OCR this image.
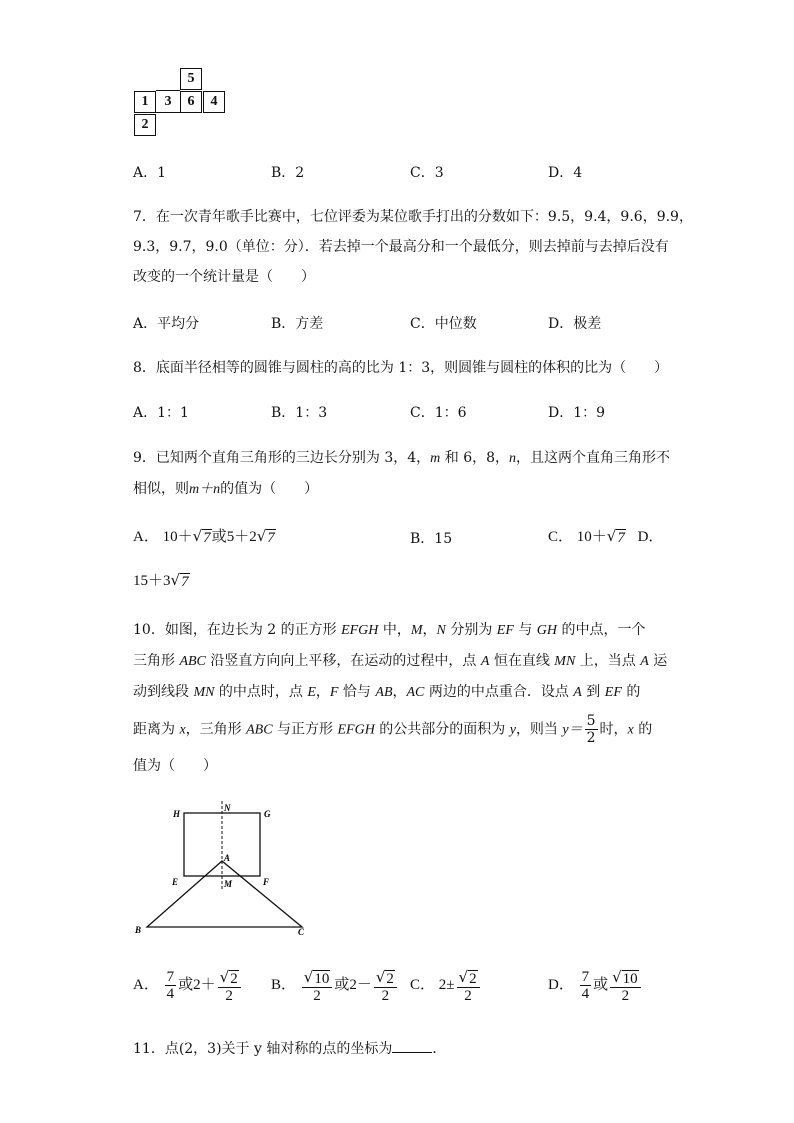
5
1	3	6	4
2
A．1	B．2	C．3	D．4
7．在一次青年歌手比赛中，七位评委为某位歌手打出的分数如下：9.5，9.4，9.6，9.9，
9.3，9.7，9.0（单位：分）．若去掉一个最高分和一个最低分，则去掉前与去掉后没有
改变的一个统计量是（　　）
A．平均分	B．方差	C．中位数	D．极差
8．底面半径相等的圆锥与圆柱的高的比为 1：3，则圆锥与圆柱的体积的比为（　　）
A．1：1	B．1：3	C．1：6	D．1：9
9．已知两个直角三角形的三边长分别为 3，4，m 和 6，8，n，且这两个直角三角形不
相似，则m＋n的值为（　　）
A． 10＋ √ 7 或5＋2 √ 7	B．15	C． 10＋ √ 7 D．
15＋3 √ 7
10．如图，在边长为 2 的正方形 EFGH 中，M，N 分别为 EF 与 GH 的中点，一个
三角形 ABC 沿竖直方向向上平移，在运动的过程中，点 A 恒在直线 MN 上，当点 A 运
动到线段 MN 的中点时，点 E，F 恰与 AB，AC 两边的中点重合．设点 A 到 EF 的
距离为 x，三角形 ABC 与正方形 EFGH 的公共部分的面积为 y，则当 $y= \frac{5}{2}$ 时，x 的
值为（　　）
H
N
G
A
E	M	F
B	C
A． $\frac{7}{4}$ 或$2+ \frac{√ 2}{2}$ B． $\frac{√ 10}{2}$ 或$2- \frac{√ 2}{2}$ C． $2\pm \frac{√ 2}{2}$	D． $\frac{7}{4}$ 或 $\frac{√ 10}{2}$
11．点(2，3)关于 y 轴对称的点的坐标为	．
